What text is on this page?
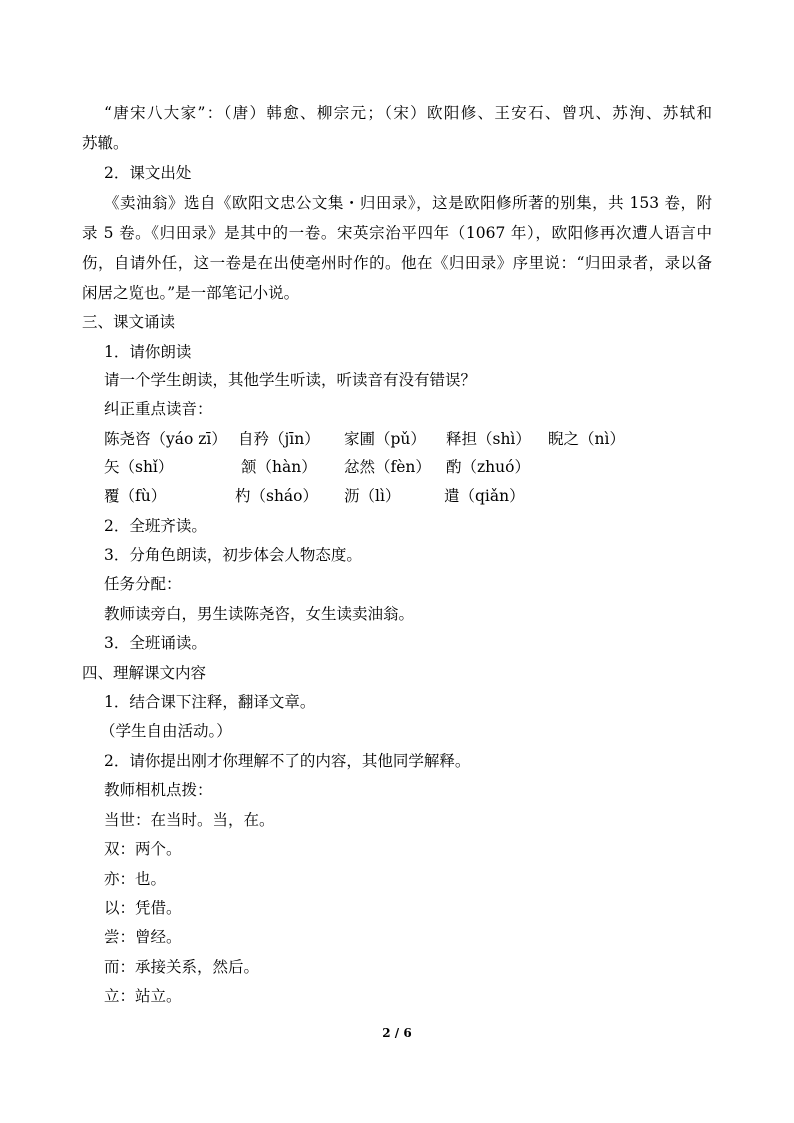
“唐宋八大家”：（唐）韩愈、柳宗元；（宋）欧阳修、王安石、曾巩、苏洵、苏轼和
苏辙。
2．课文出处
《卖油翁》选自《欧阳文忠公文集・归田录》，这是欧阳修所著的别集，共 153 卷，附
录 5 卷。《归田录》是其中的一卷。宋英宗治平四年（1067 年），欧阳修再次遭人语言中
伤，自请外任，这一卷是在出使亳州时作的。他在《归田录》序里说：“归田录者，录以备
闲居之览也。”是一部笔记小说。
三、课文诵读
1．请你朗读
请一个学生朗读，其他学生听读，听读音有没有错误？
纠正重点读音：
陈尧咨（yáo zī） 自矜（jīn） 家圃（pǔ） 释担（shì） 睨之（nì）
矢（shǐ）	颔（hàn） 忿然（fèn） 酌（zhuó）
覆（fù）	杓（sháo） 沥（lì）	遣（qiǎn）
2．全班齐读。
3．分角色朗读，初步体会人物态度。
任务分配：
教师读旁白，男生读陈尧咨，女生读卖油翁。
3．全班诵读。
四、理解课文内容
1．结合课下注释，翻译文章。
（学生自由活动。）
2．请你提出刚才你理解不了的内容，其他同学解释。
教师相机点拨：
当世：在当时。当，在。
双：两个。
亦：也。
以：凭借。
尝：曾经。
而：承接关系，然后。
立：站立。
2 / 6
